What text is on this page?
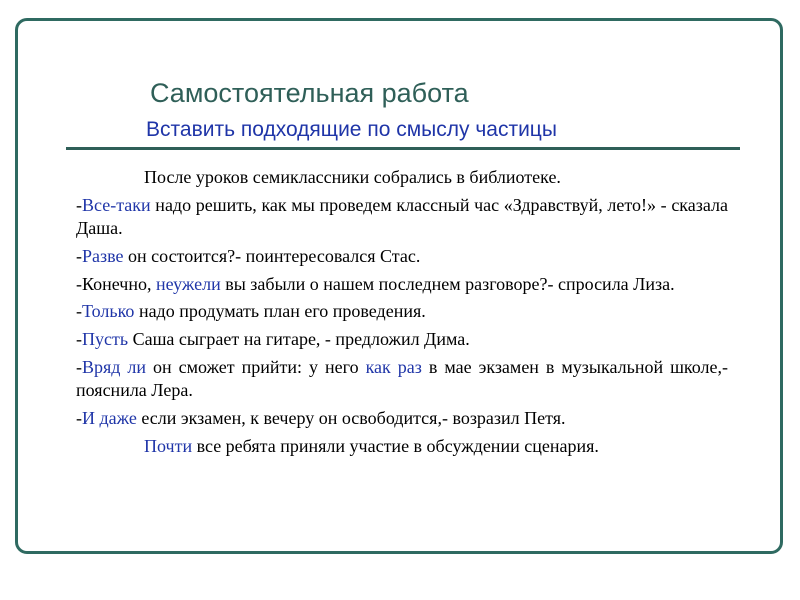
Самостоятельная работа
Вставить подходящие по смыслу частицы

После уроков семиклассники собрались в библиотеке.

-Все-таки надо решить, как мы проведем классный час «Здравствуй, лето!» - сказала Даша.

-Разве он состоится?- поинтересовался Стас.

-Конечно, неужели вы забыли о нашем последнем разговоре?- спросила Лиза.

-Только надо продумать план его проведения.

-Пусть Саша сыграет на гитаре, - предложил Дима.

-Вряд ли он сможет прийти: у него как раз в мае экзамен в музыкальной школе,- пояснила Лера.

-И даже если экзамен, к вечеру он освободится,- возразил Петя.

Почти все ребята приняли участие в обсуждении сценария.
